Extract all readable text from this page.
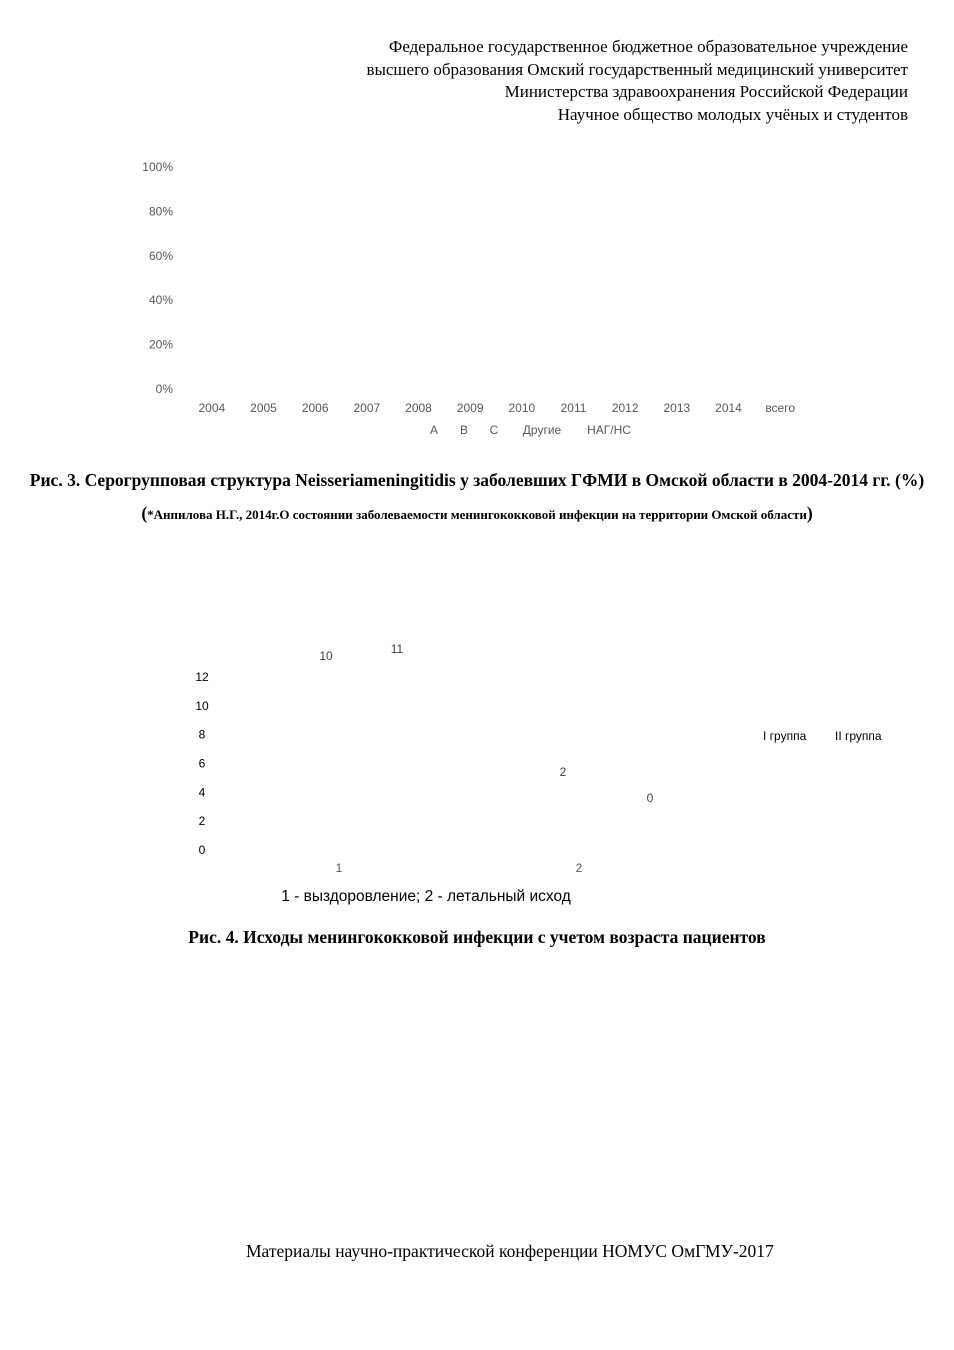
Федеральное государственное бюджетное образовательное учреждение
высшего образования Омский государственный медицинский университет
Министерства здравоохранения Российской Федерации
Научное общество молодых учёных и студентов
0%
20%
40%
60%
80%
100%
2004 2005 2006 2007 2008 2009 2010 2011 2012 2013 2014 всего
A B C Другие НАГ/НС
Рис. 3. Серогрупповая структура Neisseriameningitidis у заболевших ГФМИ в Омской области в 2004-2014 гг. (%)(*Анпилова Н.Г., 2014г.О состоянии заболеваемости менингококковой инфекции на территории Омской области)
0
2
4
6
8
10
12
1	2
10
2
11
0
I группа II группа
1 - выздоровление; 2 - летальный исход
Рис. 4. Исходы менингококковой инфекции с учетом возраста пациентов
Материалы научно-практической конференции НОМУС ОмГМУ-2017
